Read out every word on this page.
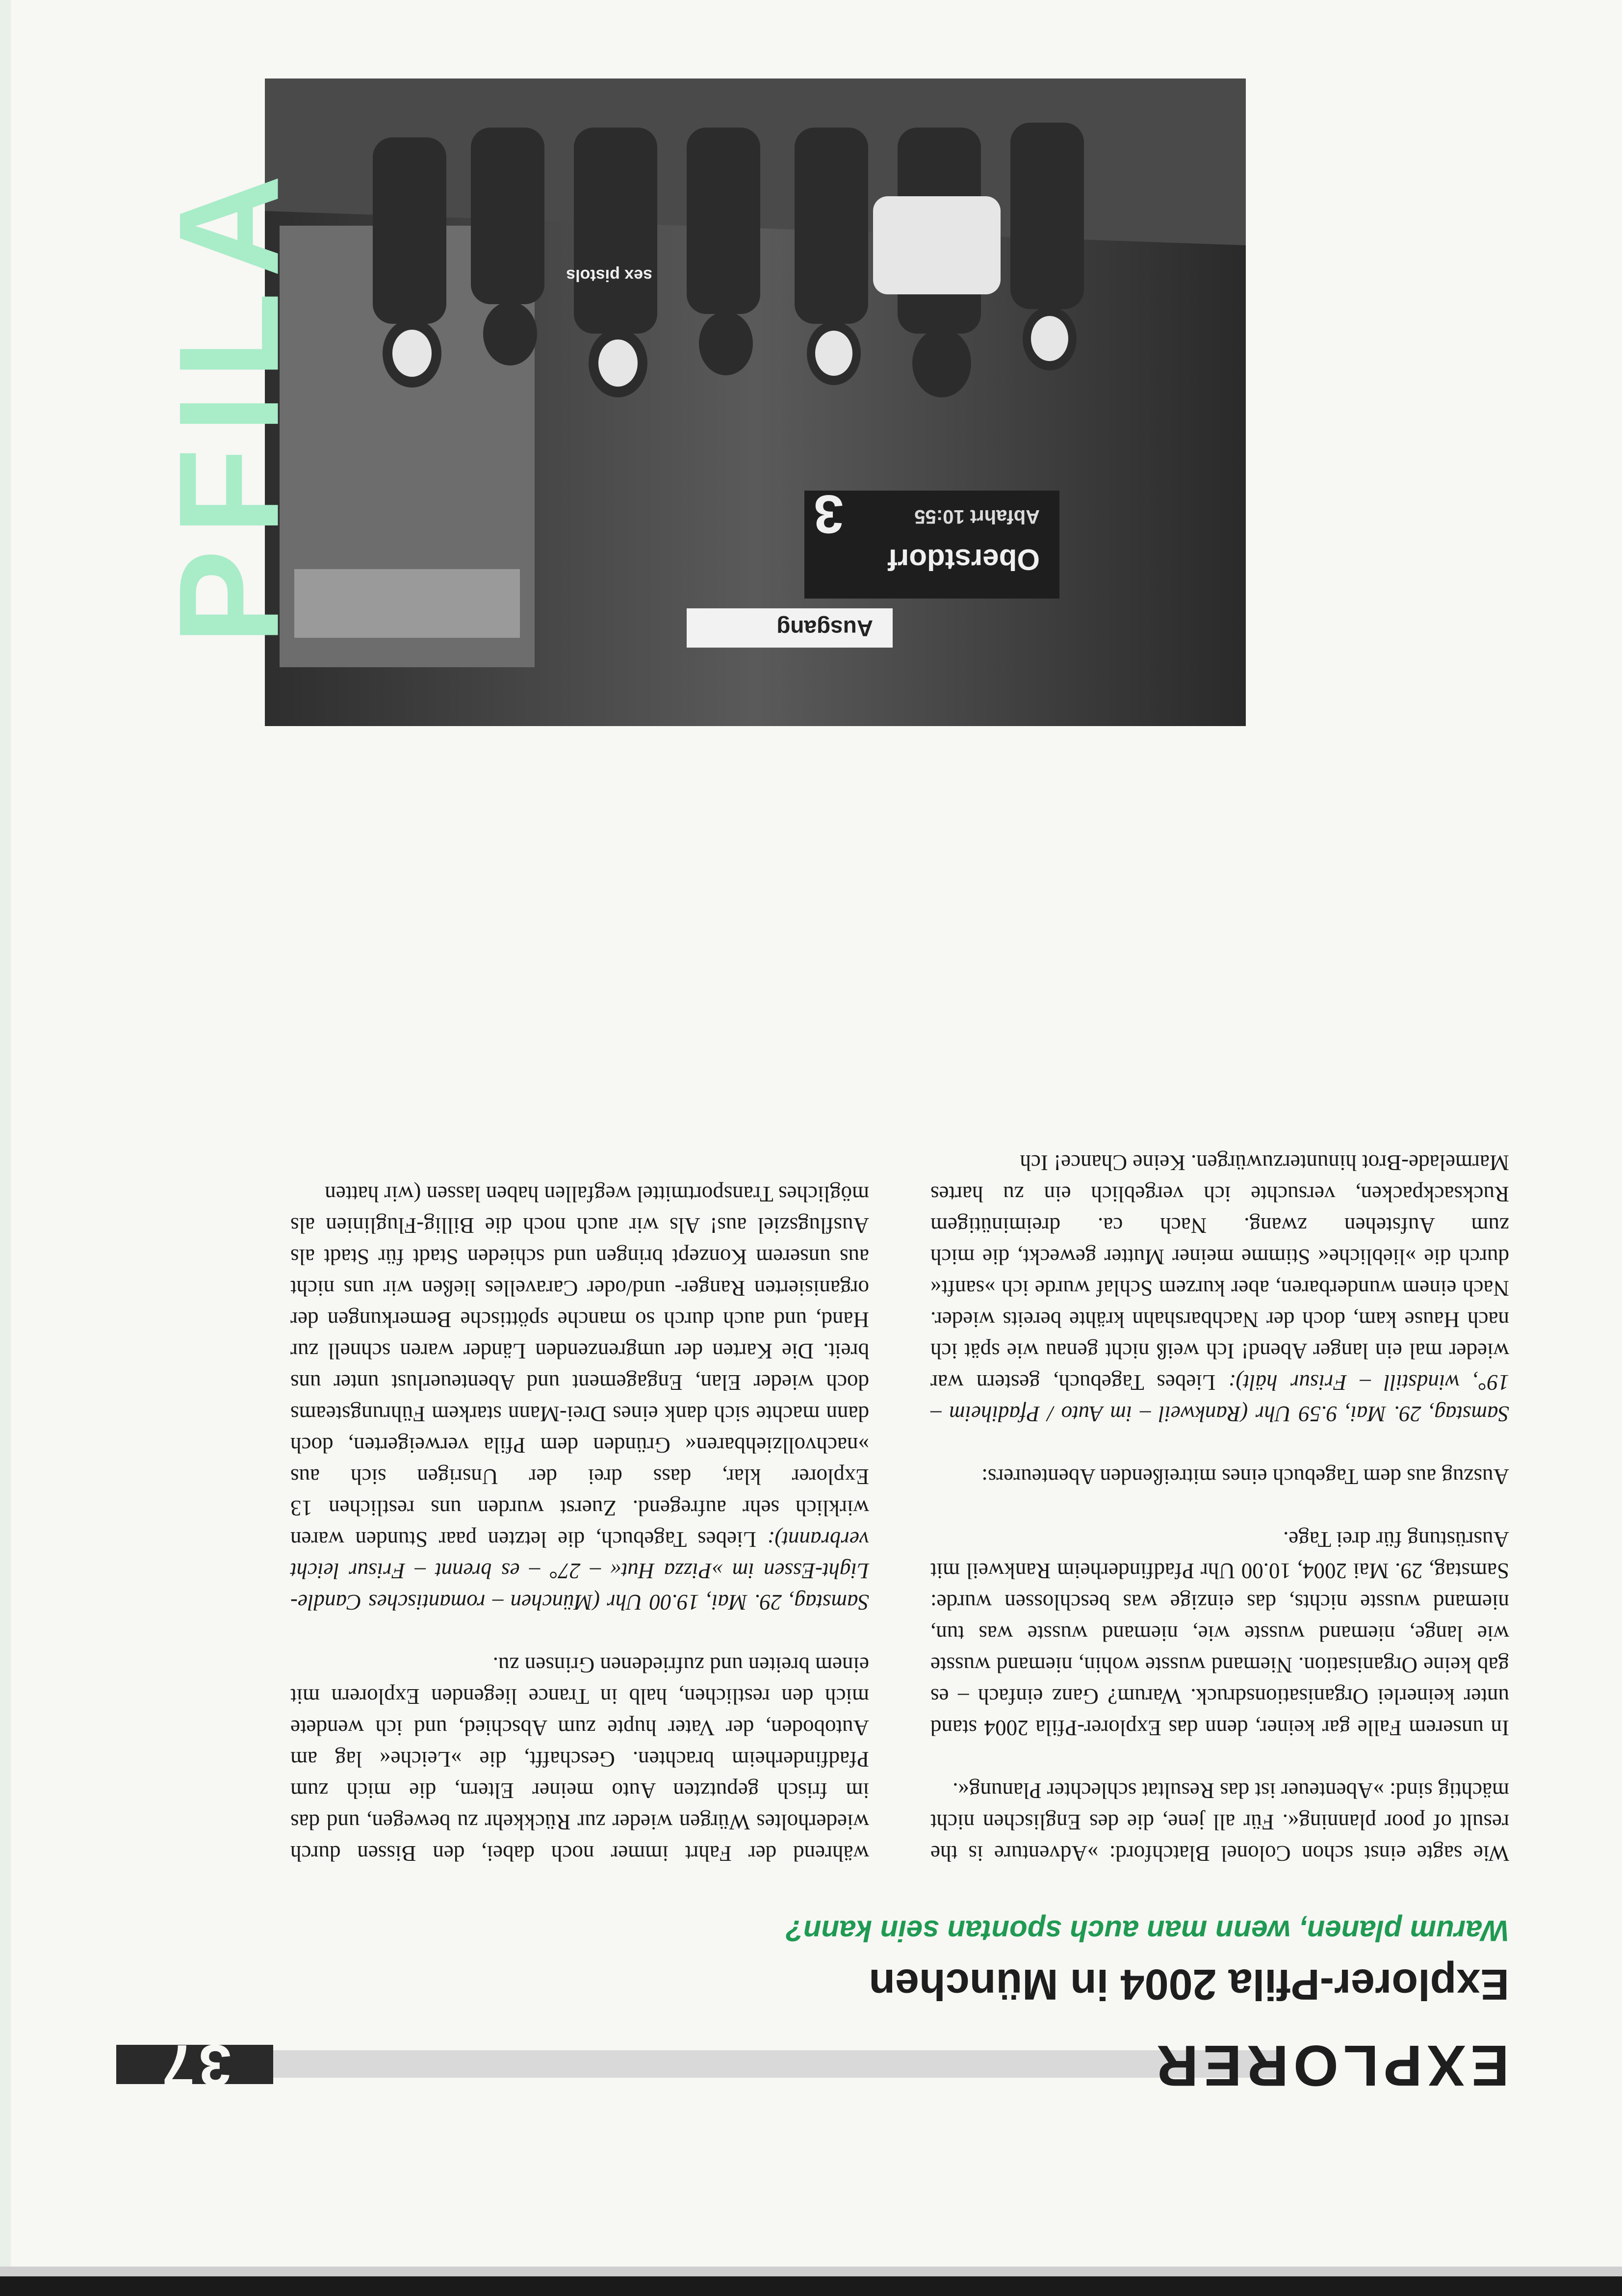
37	EXPLORER
Explorer-Pfila 2004 in München
Warum planen, wenn man auch spontan sein kann?

Wie sagte einst schon Colonel Blatchford: »Adventure is the result of poor planning«. Für all jene, die des Englischen nicht mächtig sind: »Abenteuer ist das Resultat schlechter Planung«.

In unserem Falle gar keiner, denn das Explorer-Pfila 2004 stand unter keinerlei Organisationsdruck. Warum? Ganz einfach – es gab keine Organisation. Niemand wusste wohin, niemand wusste wie lange, niemand wusste wie, niemand wusste was tun, niemand wusste nichts, das einzige was beschlossen wurde: Samstag, 29. Mai 2004, 10.00 Uhr Pfadfinderheim Rankweil mit Ausrüstung für drei Tage.

Auszug aus dem Tagebuch eines mitreißenden Abenteurers:

Samstag, 29. Mai, 9.59 Uhr (Rankweil – im Auto / Pfadiheim – 19°, windstill – Frisur hält): Liebes Tagebuch, gestern war wieder mal ein langer Abend! Ich weiß nicht genau wie spät ich nach Hause kam, doch der Nachbarshahn krähte bereits wieder. Nach einem wunderbaren, aber kurzem Schlaf wurde ich »sanft« durch die »liebliche« Stimme meiner Mutter geweckt, die mich zum Aufstehen zwang. Nach ca. dreiminütigem Rucksackpacken, versuchte ich vergeblich ein zu hartes Marmelade-Brot hinunterzuwürgen. Keine Chance! Ich

während der Fahrt immer noch dabei, den Bissen durch wiederholtes Würgen wieder zur Rückkehr zu bewegen, und das im frisch geputzten Auto meiner Eltern, die mich zum Pfadfinderheim brachten. Geschafft, die »Leiche« lag am Autoboden, der Vater hupte zum Abschied, und ich wendete mich den restlichen, halb in Trance liegenden Explorern mit einem breiten und zufriedenen Grinsen zu.

Samstag, 29. Mai, 19.00 Uhr (München – romantisches Candle-Light-Essen im »Pizza Hut« – 27° – es brennt – Frisur leicht verbrannt): Liebes Tagebuch, die letzten paar Stunden waren wirklich sehr aufregend. Zuerst wurden uns restlichen 13 Explorer klar, dass drei der Unsrigen sich aus »nachvollziehbaren« Gründen dem Pfila verweigerten, doch dann machte sich dank eines Drei-Mann starkem Führungsteams doch wieder Elan, Engagement und Abenteuerlust unter uns breit. Die Karten der umgrenzenden Länder waren schnell zur Hand, und auch durch so manche spöttische Bemerkungen der organisierten Ranger- und/oder Caravelles ließen wir uns nicht aus unserem Konzept bringen und schieden Stadt für Stadt als Ausflugsziel aus! Als wir auch noch die Billig-Fluglinien als mögliches Transportmittel wegfallen haben lassen (wir hatten

Ausgang
Oberstdorf
Abfahrt 10:55
3
sex pistols
PFILA
